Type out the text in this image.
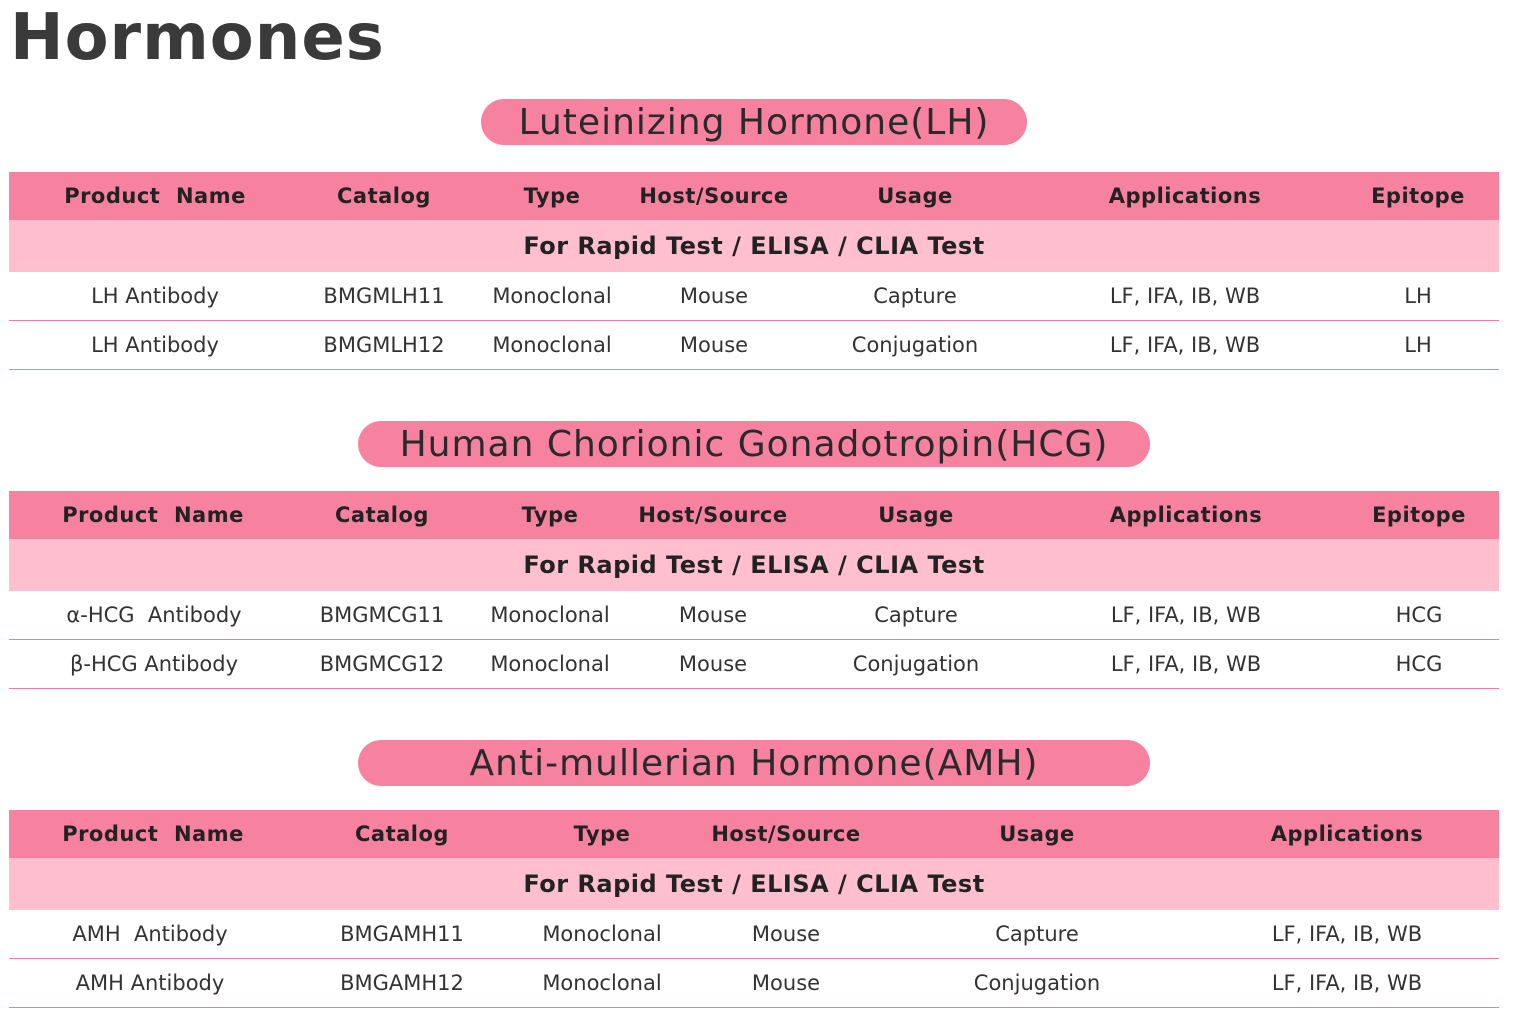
Hormones
Luteinizing Hormone(LH)
Product  Name	Catalog	Type	Host/Source	Usage	Applications	Epitope
For Rapid Test / ELISA / CLIA Test
LH Antibody	BMGMLH11	Monoclonal	Mouse	Capture	LF, IFA, IB, WB	LH
LH Antibody	BMGMLH12	Monoclonal	Mouse	Conjugation	LF, IFA, IB, WB	LH
Human Chorionic Gonadotropin(HCG)
Product  Name	Catalog	Type	Host/Source	Usage	Applications	Epitope
For Rapid Test / ELISA / CLIA Test
α-HCG  Antibody	BMGMCG11	Monoclonal	Mouse	Capture	LF, IFA, IB, WB	HCG
β-HCG Antibody	BMGMCG12	Monoclonal	Mouse	Conjugation	LF, IFA, IB, WB	HCG
Anti-mullerian Hormone(AMH)
Product  Name	Catalog	Type	Host/Source	Usage	Applications
For Rapid Test / ELISA / CLIA Test
AMH  Antibody	BMGAMH11	Monoclonal	Mouse	Capture	LF, IFA, IB, WB
AMH Antibody	BMGAMH12	Monoclonal	Mouse	Conjugation	LF, IFA, IB, WB
